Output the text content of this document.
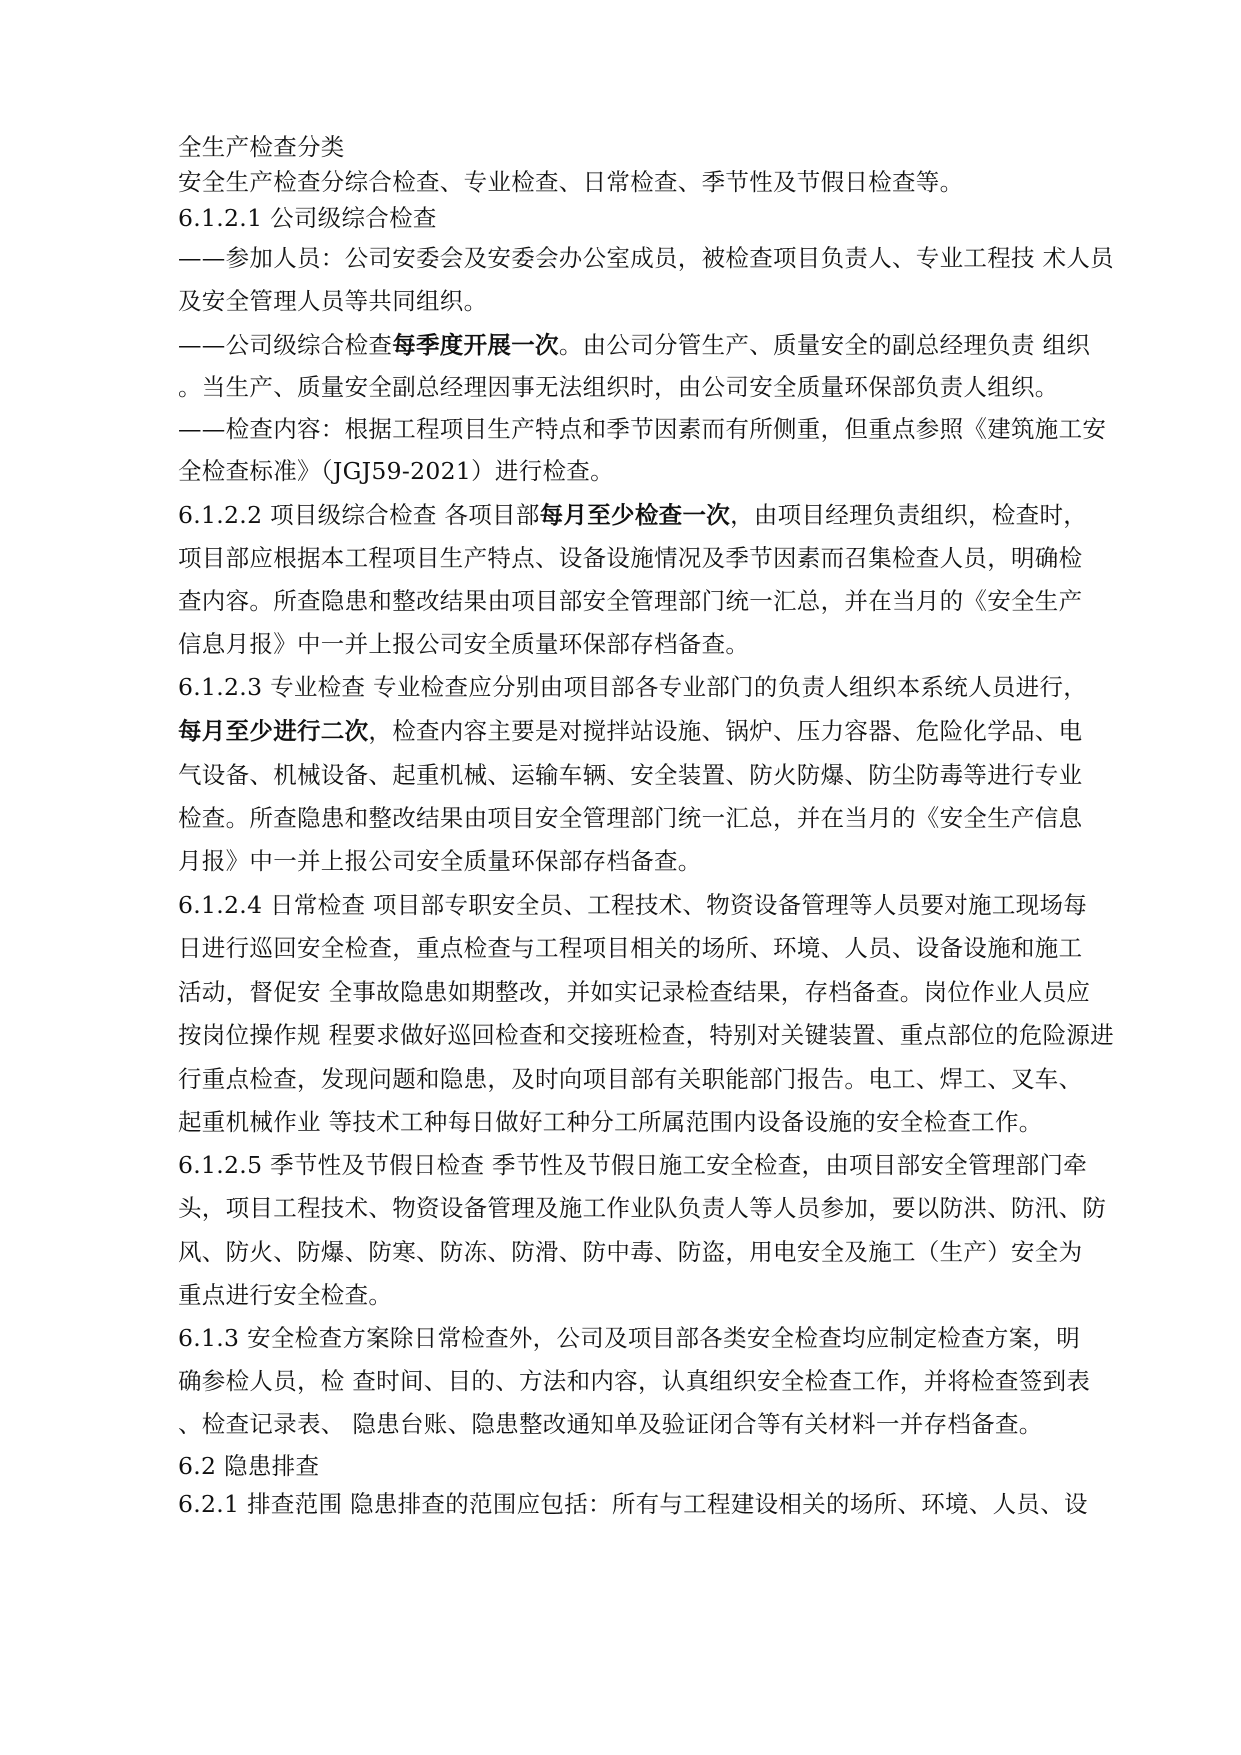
全生产检查分类
安全生产检查分综合检查、专业检查、日常检查、季节性及节假日检查等。
6.1.2.1 公司级综合检查
——参加人员：公司安委会及安委会办公室成员，被检查项目负责人、专业工程技 术人员
及安全管理人员等共同组织。
——公司级综合检查每季度开展一次。由公司分管生产、质量安全的副总经理负责 组织
。当生产、质量安全副总经理因事无法组织时，由公司安全质量环保部负责人组织。
——检查内容：根据工程项目生产特点和季节因素而有所侧重，但重点参照《建筑施工安
全检查标准》（JGJ59-2021）进行检查。
6.1.2.2 项目级综合检查 各项目部每月至少检查一次，由项目经理负责组织，检查时，
项目部应根据本工程项目生产特点、设备设施情况及季节因素而召集检查人员，明确检
查内容。所查隐患和整改结果由项目部安全管理部门统一汇总，并在当月的《安全生产
信息月报》中一并上报公司安全质量环保部存档备查。
6.1.2.3 专业检查 专业检查应分别由项目部各专业部门的负责人组织本系统人员进行，
每月至少进行二次，检查内容主要是对搅拌站设施、锅炉、压力容器、危险化学品、电
气设备、机械设备、起重机械、运输车辆、安全装置、防火防爆、防尘防毒等进行专业
检查。所查隐患和整改结果由项目安全管理部门统一汇总，并在当月的《安全生产信息
月报》中一并上报公司安全质量环保部存档备查。
6.1.2.4 日常检查 项目部专职安全员、工程技术、物资设备管理等人员要对施工现场每
日进行巡回安全检查，重点检查与工程项目相关的场所、环境、人员、设备设施和施工
活动，督促安 全事故隐患如期整改，并如实记录检查结果，存档备查。岗位作业人员应
按岗位操作规 程要求做好巡回检查和交接班检查，特别对关键装置、重点部位的危险源进
行重点检查，发现问题和隐患，及时向项目部有关职能部门报告。电工、焊工、叉车、
起重机械作业 等技术工种每日做好工种分工所属范围内设备设施的安全检查工作。
6.1.2.5 季节性及节假日检查 季节性及节假日施工安全检查，由项目部安全管理部门牵
头，项目工程技术、物资设备管理及施工作业队负责人等人员参加，要以防洪、防汛、防
风、防火、防爆、防寒、防冻、防滑、防中毒、防盗，用电安全及施工（生产）安全为
重点进行安全检查。
6.1.3 安全检查方案除日常检查外，公司及项目部各类安全检查均应制定检查方案，明
确参检人员，检 查时间、目的、方法和内容，认真组织安全检查工作，并将检查签到表
、检查记录表、 隐患台账、隐患整改通知单及验证闭合等有关材料一并存档备查。
6.2 隐患排查
6.2.1 排查范围 隐患排查的范围应包括：所有与工程建设相关的场所、环境、人员、设
